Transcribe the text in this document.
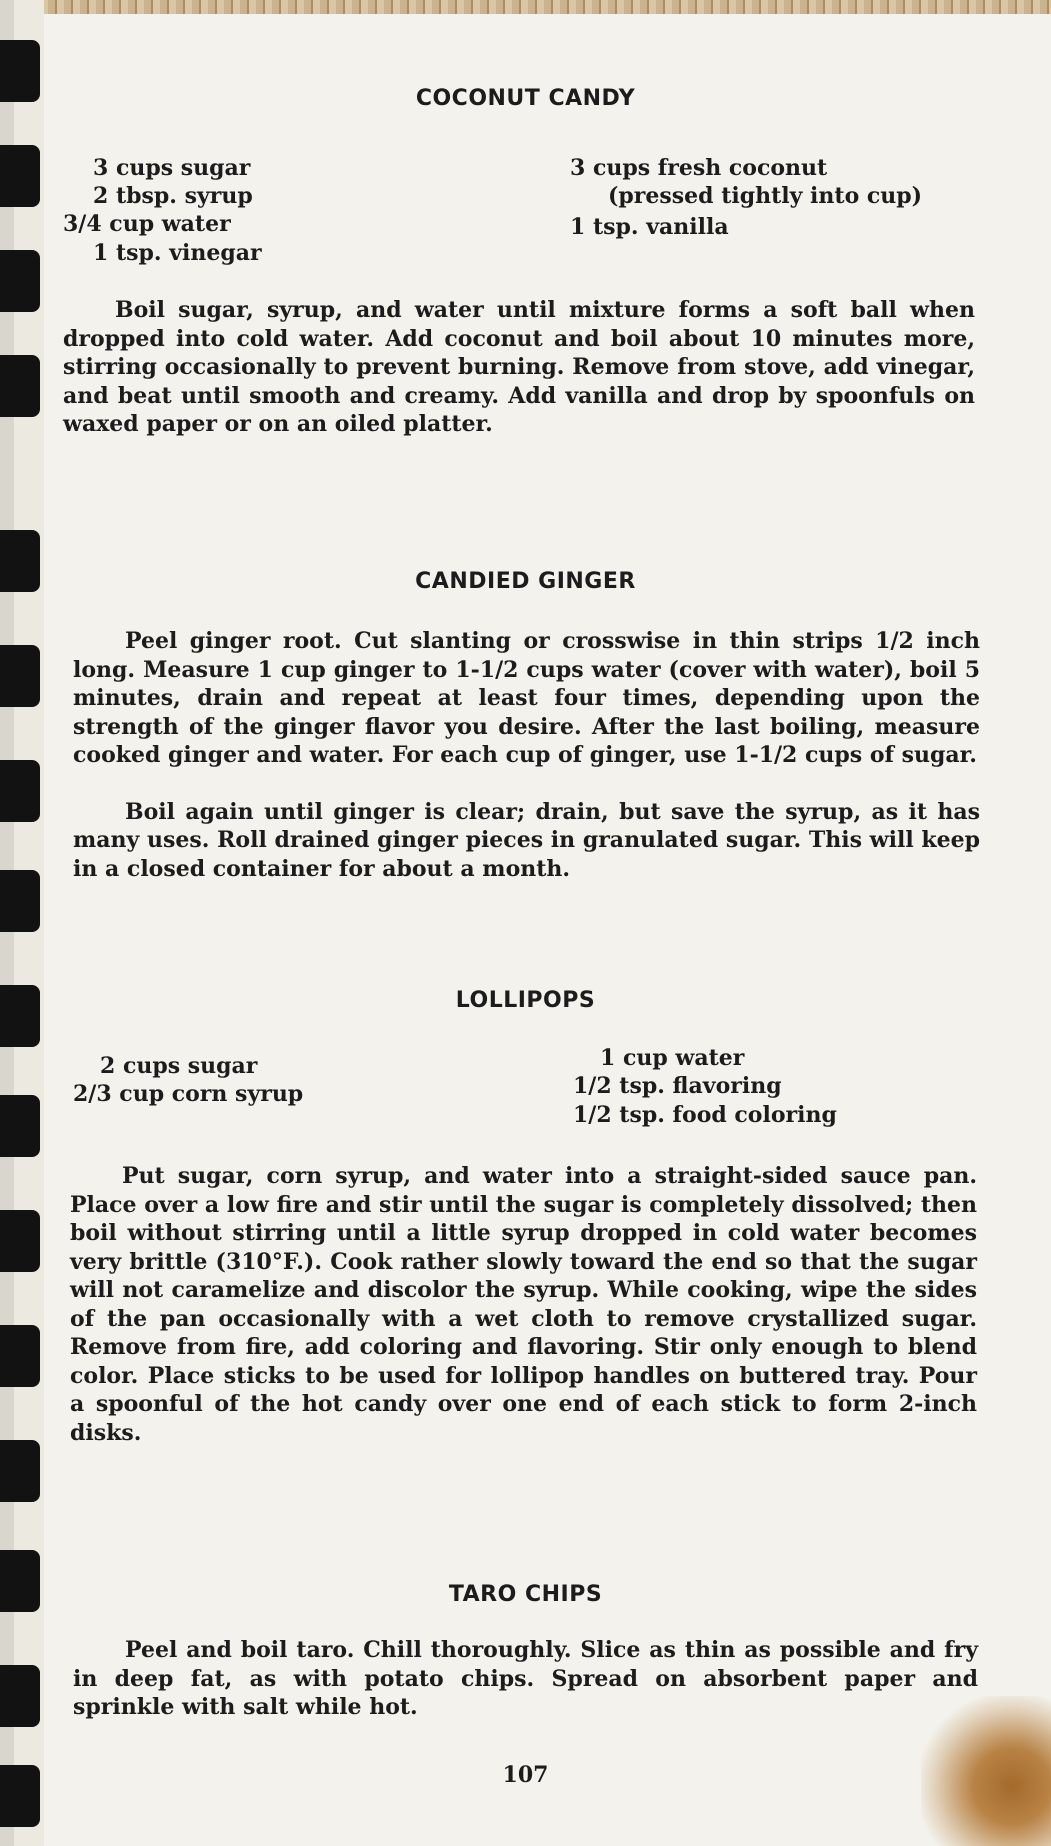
COCONUT CANDY
3 cups sugar
2 tbsp. syrup
3/4 cup water
1 tsp. vinegar
3 cups fresh coconut
(pressed tightly into cup)
1 tsp. vanilla

Boil sugar, syrup, and water until mixture forms a soft ball when dropped into cold water. Add coconut and boil about 10 minutes more, stirring occasionally to prevent burning. Remove from stove, add vinegar, and beat until smooth and creamy. Add vanilla and drop by spoonfuls on waxed paper or on an oiled platter.

CANDIED GINGER

Peel ginger root. Cut slanting or crosswise in thin strips 1/2 inch long. Measure 1 cup ginger to 1-1/2 cups water (cover with water), boil 5 minutes, drain and repeat at least four times, depending upon the strength of the ginger flavor you desire. After the last boiling, measure cooked ginger and water. For each cup of ginger, use 1-1/2 cups of sugar.

Boil again until ginger is clear; drain, but save the syrup, as it has many uses. Roll drained ginger pieces in granulated sugar. This will keep in a closed container for about a month.

LOLLIPOPS
2 cups sugar
2/3 cup corn syrup
1 cup water
1/2 tsp. flavoring
1/2 tsp. food coloring

Put sugar, corn syrup, and water into a straight-sided sauce pan. Place over a low fire and stir until the sugar is completely dissolved; then boil without stirring until a little syrup dropped in cold water becomes very brittle (310°F.). Cook rather slowly toward the end so that the sugar will not caramelize and discolor the syrup. While cooking, wipe the sides of the pan occasionally with a wet cloth to remove crystallized sugar. Remove from fire, add coloring and flavoring. Stir only enough to blend color. Place sticks to be used for lollipop handles on buttered tray. Pour a spoonful of the hot candy over one end of each stick to form 2-inch disks.

TARO CHIPS

Peel and boil taro. Chill thoroughly. Slice as thin as possible and fry in deep fat, as with potato chips. Spread on absorbent paper and sprinkle with salt while hot.

107
